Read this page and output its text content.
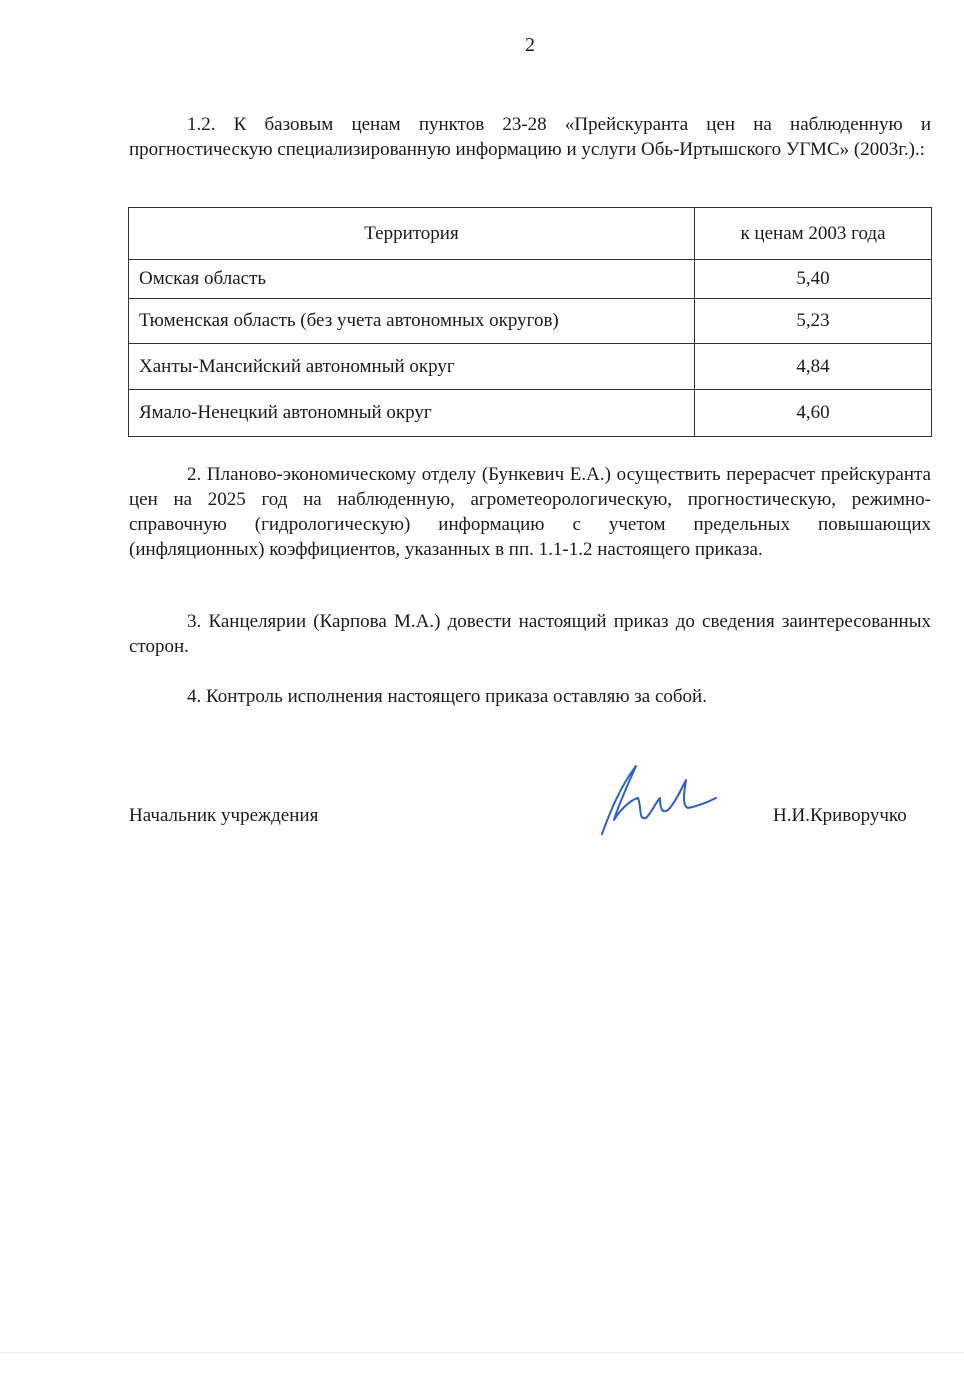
2

1.2. К базовым ценам пунктов 23-28 «Прейскуранта цен на наблюденную и прогностическую специализированную информацию и услуги Обь-Иртышского УГМС» (2003г.).:

Территория	к ценам 2003 года
Омская область	5,40
Тюменская область (без учета автономных округов)	5,23
Ханты-Мансийский автономный округ	4,84
Ямало-Ненецкий автономный округ	4,60

2. Планово-экономическому отделу (Бункевич Е.А.) осуществить перерасчет прейскуранта цен на 2025 год на наблюденную, агрометеорологическую, прогностическую, режимно-справочную (гидрологическую) информацию с учетом предельных повышающих (инфляционных) коэффициентов, указанных в пп. 1.1-1.2 настоящего приказа.

3. Канцелярии (Карпова М.А.) довести настоящий приказ до сведения заинтересованных сторон.

4. Контроль исполнения настоящего приказа оставляю за собой.

Начальник учреждения	Н.И.Криворучко
